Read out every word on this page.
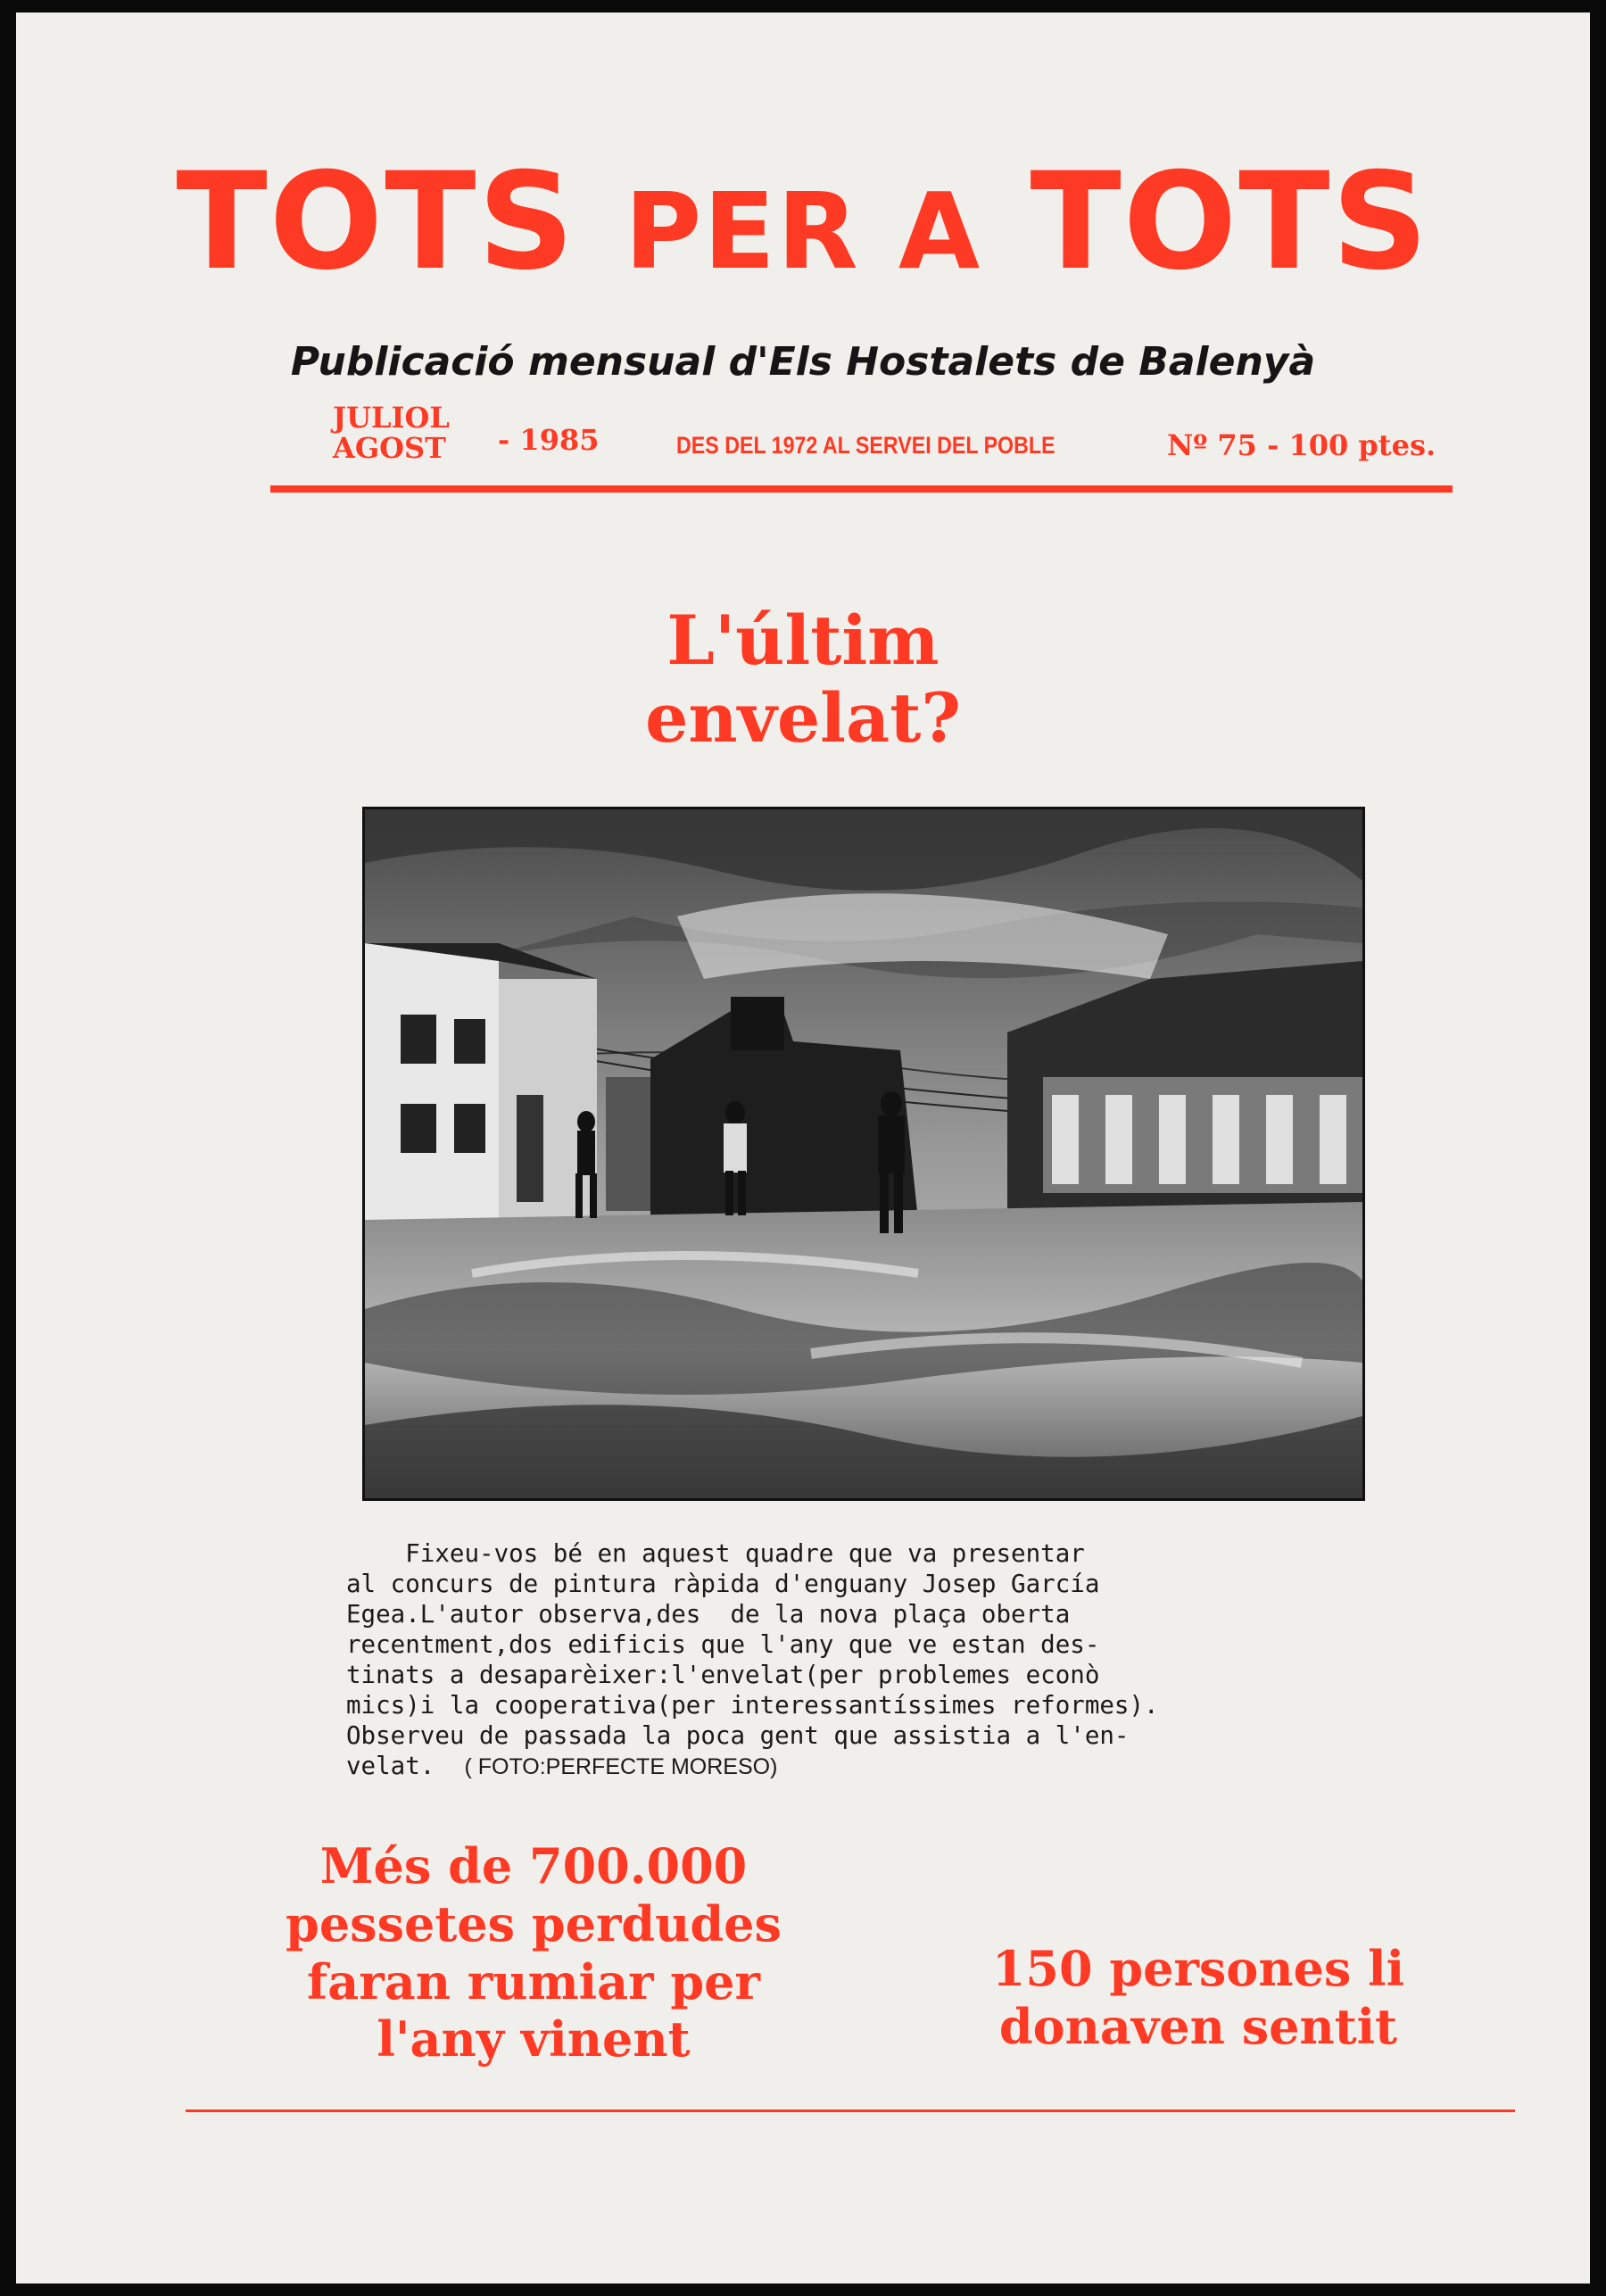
TOTS PER A TOTS
Publicació mensual d'Els Hostalets de Balenyà
JULIOL
AGOST - 1985	DES DEL 1972 AL SERVEI DEL POBLE	Nº 75 - 100 ptes.
L'últim
envelat?
Fixeu-vos bé en aquest quadre que va presentar
al concurs de pintura ràpida d'enguany Josep García
Egea.L'autor observa,des  de la nova plaça oberta
recentment,dos edificis que l'any que ve estan des-
tinats a desaparèixer:l'envelat(per problemes econò
mics)i la cooperativa(per interessantíssimes reformes).
Observeu de passada la poca gent que assistia a l'en-
velat.  ( FOTO:PERFECTE MORESO)
Més de 700.000
pessetes perdudes
faran rumiar per
l'any vinent
150 persones li
donaven sentit
